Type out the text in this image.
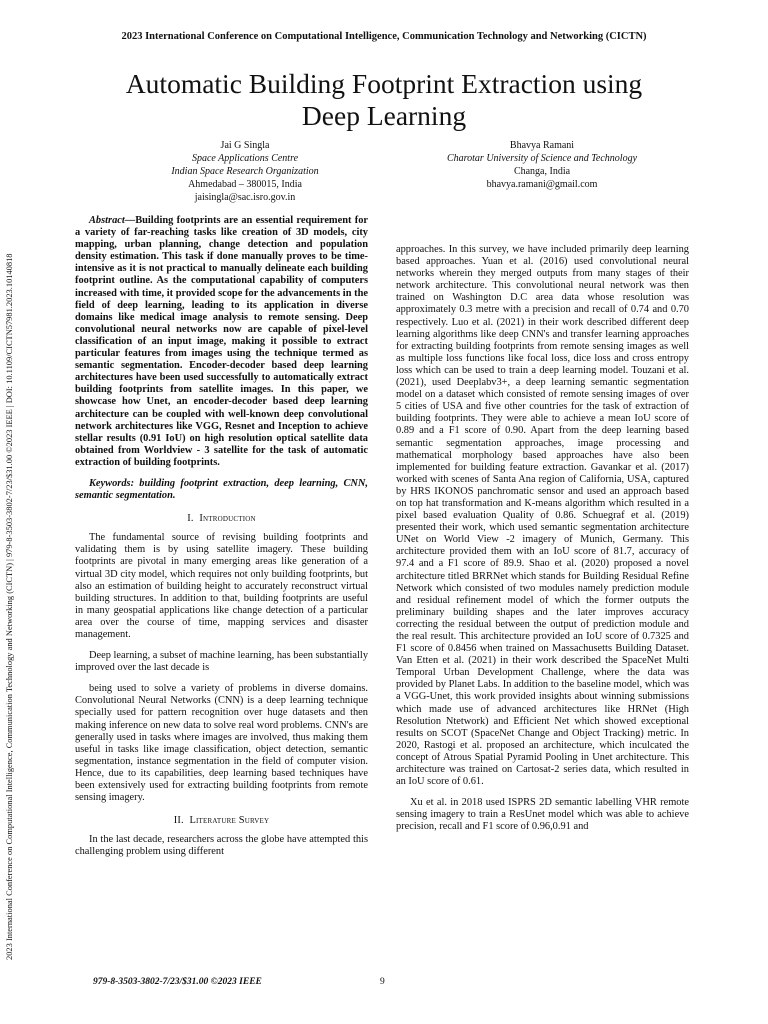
2023 International Conference on Computational Intelligence, Communication Technology and Networking (CICTN)
2023 International Conference on Computational Intelligence, Communication Technology and Networking (CICTN) | 979-8-3503-3802-7/23/$31.00 ©2023 IEEE | DOI: 10.1109/CICTN57981.2023.10140818
Automatic Building Footprint Extraction using
Deep Learning
Jai G Singla
Space Applications Centre
Indian Space Research Organization
Ahmedabad – 380015, India
jaisingla@sac.isro.gov.in
Bhavya Ramani
Charotar University of Science and Technology
Changa, India
bhavya.ramani@gmail.com

Abstract—Building footprints are an essential requirement for a variety of far-reaching tasks like creation of 3D models, city mapping, urban planning, change detection and population density estimation. This task if done manually proves to be time-intensive as it is not practical to manually delineate each building footprint outline. As the computational capability of computers increased with time, it provided scope for the advancements in the field of deep learning, leading to its application in diverse domains like medical image analysis to remote sensing. Deep convolutional neural networks now are capable of pixel-level classification of an input image, making it possible to extract particular features from images using the technique termed as semantic segmentation. Encoder-decoder based deep learning architectures have been used successfully to automatically extract building footprints from satellite images. In this paper, we showcase how Unet, an encoder-decoder based deep learning architecture can be coupled with well-known deep convolutional network architectures like VGG, Resnet and Inception to achieve stellar results (0.91 IoU) on high resolution optical satellite data obtained from Worldview - 3 satellite for the task of automatic extraction of building footprints.

Keywords: building footprint extraction, deep learning, CNN, semantic segmentation.

I. Introduction

The fundamental source of revising building footprints and validating them is by using satellite imagery. These building footprints are pivotal in many emerging areas like generation of a virtual 3D city model, which requires not only building footprints, but also an estimation of building height to accurately reconstruct virtual building structures. In addition to that, building footprints are useful in many geospatial applications like change detection of a particular area over the course of time, mapping services and disaster management.

Deep learning, a subset of machine learning, has been substantially improved over the last decade is

being used to solve a variety of problems in diverse domains. Convolutional Neural Networks (CNN) is a deep learning technique specially used for pattern recognition over huge datasets and then making inference on new data to solve real word problems. CNN's are generally used in tasks where images are involved, thus making them useful in tasks like image classification, object detection, semantic segmentation, instance segmentation in the field of computer vision. Hence, due to its capabilities, deep learning based techniques have been extensively used for extracting building footprints from remote sensing imagery.

II. Literature Survey

In the last decade, researchers across the globe have attempted this challenging problem using different

approaches. In this survey, we have included primarily deep learning based approaches. Yuan et al. (2016) used convolutional neural networks wherein they merged outputs from many stages of their network architecture. This convolutional neural network was then trained on Washington D.C area data whose resolution was approximately 0.3 metre with a precision and recall of 0.74 and 0.70 respectively. Luo et al. (2021) in their work described different deep learning algorithms like deep CNN's and transfer learning approaches for extracting building footprints from remote sensing images as well as multiple loss functions like focal loss, dice loss and cross entropy loss which can be used to train a deep learning model. Touzani et al. (2021), used Deeplabv3+, a deep learning semantic segmentation model on a dataset which consisted of remote sensing images of over 5 cities of USA and five other countries for the task of extraction of building footprints. They were able to achieve a mean IoU score of 0.89 and a F1 score of 0.90. Apart from the deep learning based semantic segmentation approaches, image processing and mathematical morphology based approaches have also been implemented for building feature extraction. Gavankar et al. (2017) worked with scenes of Santa Ana region of California, USA, captured by HRS IKONOS panchromatic sensor and used an approach based on top hat transformation and K-means algorithm which resulted in a pixel based evaluation Quality of 0.86. Schuegraf et al. (2019) presented their work, which used semantic segmentation architecture UNet on World View -2 imagery of Munich, Germany. This architecture provided them with an IoU score of 81.7, accuracy of 97.4 and a F1 score of 89.9. Shao et al. (2020) proposed a novel architecture titled BRRNet which stands for Building Residual Refine Network which consisted of two modules namely prediction module and residual refinement model of which the former outputs the preliminary building shapes and the later improves accuracy correcting the residual between the output of prediction module and the real result. This architecture provided an IoU score of 0.7325 and F1 score of 0.8456 when trained on Massachusetts Building Dataset. Van Etten et al. (2021) in their work described the SpaceNet Multi Temporal Urban Development Challenge, where the data was provided by Planet Labs. In addition to the baseline model, which was a VGG-Unet, this work provided insights about winning submissions which made use of advanced architectures like HRNet (High Resolution Ntetwork) and Efficient Net which showed exceptional results on SCOT (SpaceNet Change and Object Tracking) metric. In 2020, Rastogi et al. proposed an architecture, which inculcated the concept of Atrous Spatial Pyramid Pooling in Unet architecture. This architecture was trained on Cartosat-2 series data, which resulted in an IoU score of 0.61.

Xu et al. in 2018 used ISPRS 2D semantic labelling VHR remote sensing imagery to train a ResUnet model which was able to achieve precision, recall and F1 score of 0.96,0.91 and

979-8-3503-3802-7/23/$31.00 ©2023 IEEE	9
